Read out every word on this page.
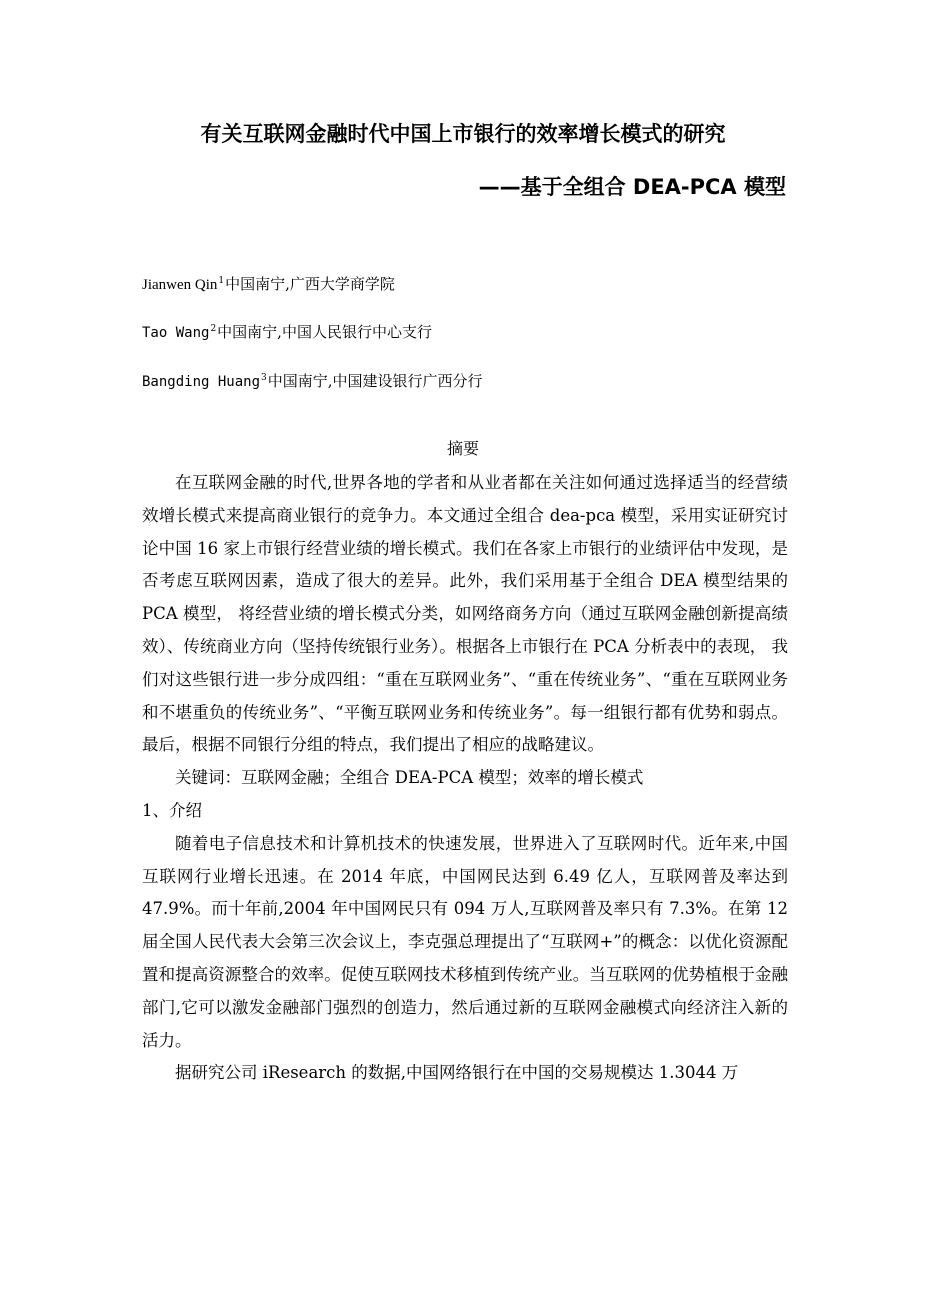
有关互联网金融时代中国上市银行的效率增长模式的研究
——基于全组合 DEA-PCA 模型
Jianwen Qin$^1$中国南宁,广西大学商学院
Tao Wang$^2$中国南宁,中国人民银行中心支行
Bangding Huang$^3$中国南宁,中国建设银行广西分行
摘要

在互联网金融的时代,世界各地的学者和从业者都在关注如何通过选择适当的经营绩效增长模式来提高商业银行的竞争力。本文通过全组合 dea-pca 模型，采用实证研究讨论中国 16 家上市银行经营业绩的增长模式。我们在各家上市银行的业绩评估中发现，是否考虑互联网因素，造成了很大的差异。此外，我们采用基于全组合 DEA 模型结果的 PCA 模型， 将经营业绩的增长模式分类，如网络商务方向（通过互联网金融创新提高绩效）、传统商业方向（坚持传统银行业务）。根据各上市银行在 PCA 分析表中的表现， 我们对这些银行进一步分成四组：“重在互联网业务”、“重在传统业务”、“重在互联网业务和不堪重负的传统业务”、“平衡互联网业务和传统业务”。每一组银行都有优势和弱点。最后，根据不同银行分组的特点，我们提出了相应的战略建议。

关键词：互联网金融；全组合 DEA-PCA 模型；效率的增长模式

1、介绍

随着电子信息技术和计算机技术的快速发展，世界进入了互联网时代。近年来,中国互联网行业增长迅速。在 2014 年底，中国网民达到 6.49 亿人，互联网普及率达到 47.9%。而十年前,2004 年中国网民只有 094 万人,互联网普及率只有 7.3%。在第 12 届全国人民代表大会第三次会议上，李克强总理提出了“互联网+”的概念：以优化资源配置和提高资源整合的效率。促使互联网技术移植到传统产业。当互联网的优势植根于金融部门,它可以激发金融部门强烈的创造力，然后通过新的互联网金融模式向经济注入新的活力。

据研究公司 iResearch 的数据,中国网络银行在中国的交易规模达 1.3044 万
